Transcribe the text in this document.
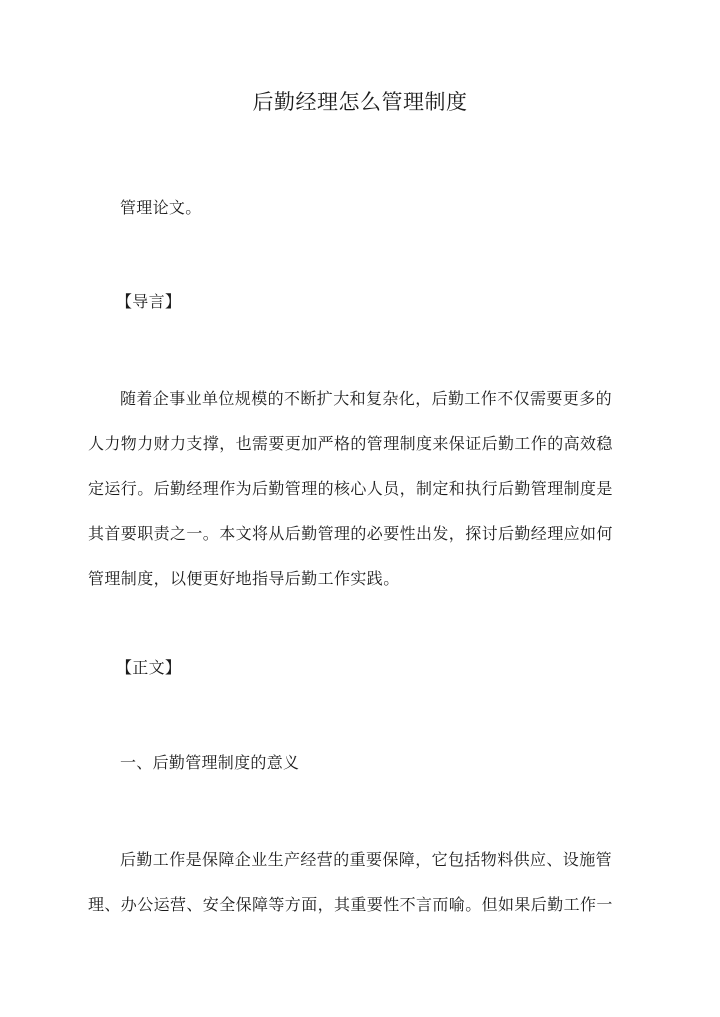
后勤经理怎么管理制度
管理论文。
【导言】
随着企事业单位规模的不断扩大和复杂化，后勤工作不仅需要更多的
人力物力财力支撑，也需要更加严格的管理制度来保证后勤工作的高效稳
定运行。后勤经理作为后勤管理的核心人员，制定和执行后勤管理制度是
其首要职责之一。本文将从后勤管理的必要性出发，探讨后勤经理应如何
管理制度，以便更好地指导后勤工作实践。
【正文】
一、后勤管理制度的意义
后勤工作是保障企业生产经营的重要保障，它包括物料供应、设施管
理、办公运营、安全保障等方面，其重要性不言而喻。但如果后勤工作一
